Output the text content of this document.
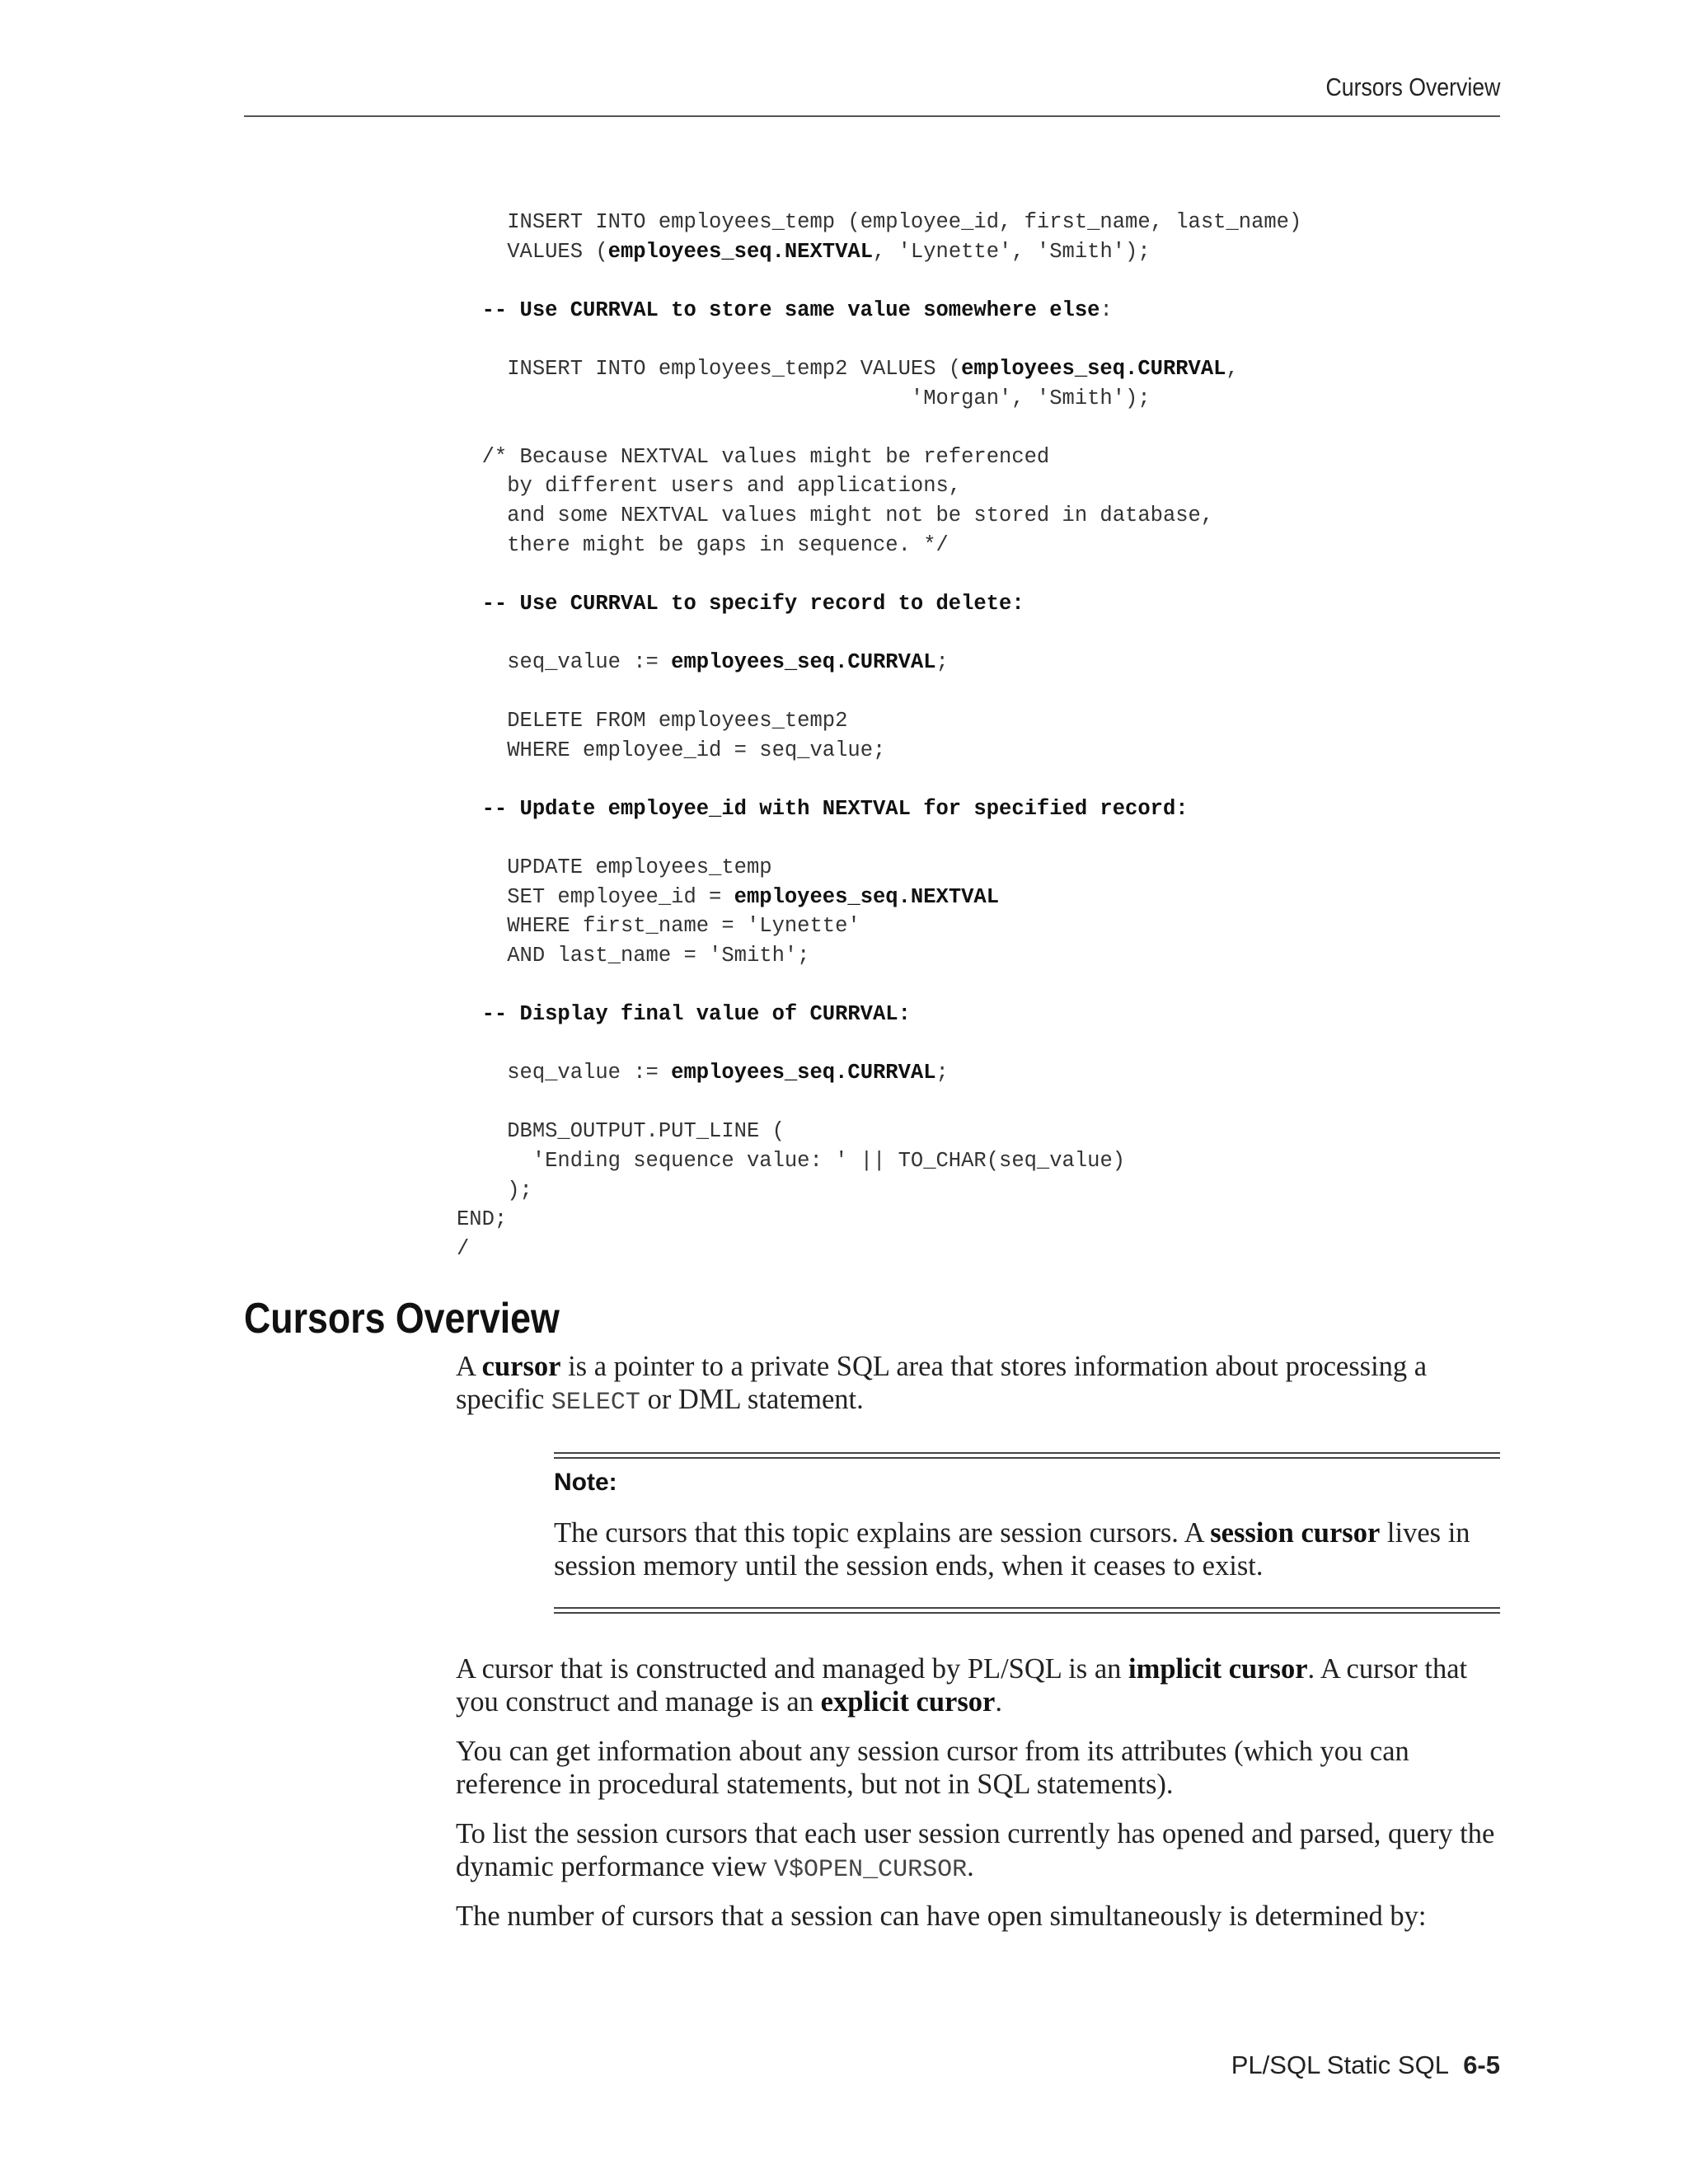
Cursors Overview
INSERT INTO employees_temp (employee_id, first_name, last_name)
VALUES (employees_seq.NEXTVAL, 'Lynette', 'Smith');

-- Use CURRVAL to store same value somewhere else:

INSERT INTO employees_temp2 VALUES (employees_seq.CURRVAL,
'Morgan', 'Smith');

/* Because NEXTVAL values might be referenced
by different users and applications,
and some NEXTVAL values might not be stored in database,
there might be gaps in sequence. */

-- Use CURRVAL to specify record to delete:

seq_value := employees_seq.CURRVAL;

DELETE FROM employees_temp2
WHERE employee_id = seq_value;

-- Update employee_id with NEXTVAL for specified record:

UPDATE employees_temp
SET employee_id = employees_seq.NEXTVAL
WHERE first_name = 'Lynette'
AND last_name = 'Smith';

-- Display final value of CURRVAL:

seq_value := employees_seq.CURRVAL;

DBMS_OUTPUT.PUT_LINE (
'Ending sequence value: ' || TO_CHAR(seq_value)
);
END;
/
Cursors Overview

A cursor is a pointer to a private SQL area that stores information about processing a specific SELECT or DML statement.

Note:

The cursors that this topic explains are session cursors. A session cursor lives in session memory until the session ends, when it ceases to exist.

A cursor that is constructed and managed by PL/SQL is an implicit cursor. A cursor that you construct and manage is an explicit cursor.

You can get information about any session cursor from its attributes (which you can reference in procedural statements, but not in SQL statements).

To list the session cursors that each user session currently has opened and parsed, query the dynamic performance view V$OPEN_CURSOR.

The number of cursors that a session can have open simultaneously is determined by:

PL/SQL Static SQL 6-5
